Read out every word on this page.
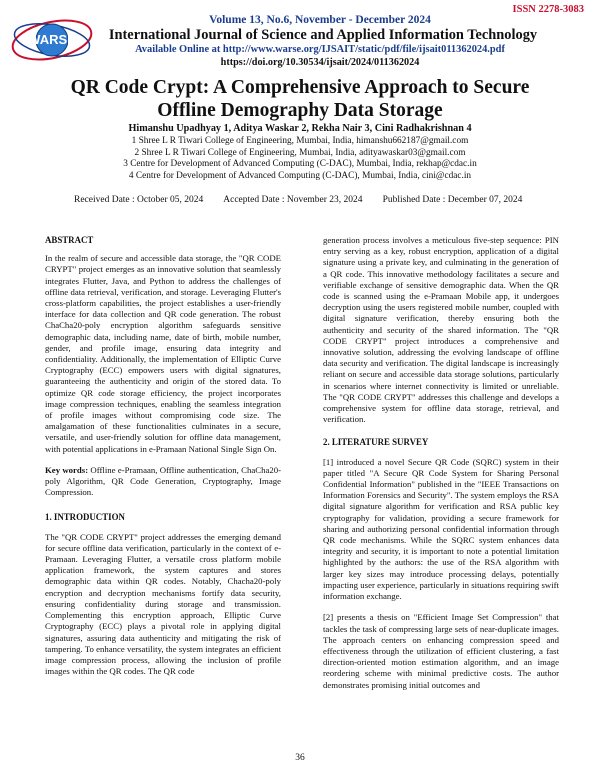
ISSN 2278-3083
WARSE
Volume 13, No.6, November - December 2024
International Journal of Science and Applied Information Technology
Available Online at http://www.warse.org/IJSAIT/static/pdf/file/ijsait011362024.pdf
https://doi.org/10.30534/ijsait/2024/011362024
QR Code Crypt: A Comprehensive Approach to Secure
Offline Demography Data Storage
Himanshu Upadhyay 1, Aditya Waskar 2, Rekha Nair 3, Cini Radhakrishnan 4
1 Shree L R Tiwari College of Engineering, Mumbai, India, himanshu662187@gmail.com
2 Shree L R Tiwari College of Engineering, Mumbai, India, adityawaskar03@gmail.com
3 Centre for Development of Advanced Computing (C-DAC), Mumbai, India, rekhap@cdac.in
4 Centre for Development of Advanced Computing (C-DAC), Mumbai, India, cini@cdac.in
Received Date : October 05, 2024 Accepted Date : November 23, 2024 Published Date : December 07, 2024
ABSTRACT

In the realm of secure and accessible data storage, the "QR CODE CRYPT" project emerges as an innovative solution that seamlessly integrates Flutter, Java, and Python to address the challenges of offline data retrieval, verification, and storage. Leveraging Flutter's cross-platform capabilities, the project establishes a user-friendly interface for data collection and QR code generation. The robust ChaCha20-poly encryption algorithm safeguards sensitive demographic data, including name, date of birth, mobile number, gender, and profile image, ensuring data integrity and confidentiality. Additionally, the implementation of Elliptic Curve Cryptography (ECC) empowers users with digital signatures, guaranteeing the authenticity and origin of the stored data. To optimize QR code storage efficiency, the project incorporates image compression techniques, enabling the seamless integration of profile images without compromising code size. The amalgamation of these functionalities culminates in a secure, versatile, and user-friendly solution for offline data management, with potential applications in e-Pramaan National Single Sign On.

Key words: Offline e-Pramaan, Offline authentication, ChaCha20-poly Algorithm, QR Code Generation, Cryptography, Image Compression.

1. INTRODUCTION

The "QR CODE CRYPT" project addresses the emerging demand for secure offline data verification, particularly in the context of e-Pramaan. Leveraging Flutter, a versatile cross platform mobile application framework, the system captures and stores demographic data within QR codes. Notably, Chacha20-poly encryption and decryption mechanisms fortify data security, ensuring confidentiality during storage and transmission. Complementing this encryption approach, Elliptic Curve Cryptography (ECC) plays a pivotal role in applying digital signatures, assuring data authenticity and mitigating the risk of tampering. To enhance versatility, the system integrates an efficient image compression process, allowing the inclusion of profile images within the QR codes. The QR code

generation process involves a meticulous five-step sequence: PIN entry serving as a key, robust encryption, application of a digital signature using a private key, and culminating in the generation of a QR code. This innovative methodology facilitates a secure and verifiable exchange of sensitive demographic data. When the QR code is scanned using the e-Pramaan Mobile app, it undergoes decryption using the users registered mobile number, coupled with digital signature verification, thereby ensuring both the authenticity and security of the shared information. The "QR CODE CRYPT" project introduces a comprehensive and innovative solution, addressing the evolving landscape of offline data security and verification. The digital landscape is increasingly reliant on secure and accessible data storage solutions, particularly in scenarios where internet connectivity is limited or unreliable. The "QR CODE CRYPT" addresses this challenge and develops a comprehensive system for offline data storage, retrieval, and verification.

2. LITERATURE SURVEY

[1] introduced a novel Secure QR Code (SQRC) system in their paper titled "A Secure QR Code System for Sharing Personal Confidential Information" published in the "IEEE Transactions on Information Forensics and Security". The system employs the RSA digital signature algorithm for verification and RSA public key cryptography for validation, providing a secure framework for sharing and authorizing personal confidential information through QR code mechanisms. While the SQRC system enhances data integrity and security, it is important to note a potential limitation highlighted by the authors: the use of the RSA algorithm with larger key sizes may introduce processing delays, potentially impacting user experience, particularly in situations requiring swift information exchange.

[2] presents a thesis on "Efficient Image Set Compression" that tackles the task of compressing large sets of near-duplicate images. The approach centers on enhancing compression speed and effectiveness through the utilization of efficient clustering, a fast direction-oriented motion estimation algorithm, and an image reordering scheme with minimal predictive costs. The author demonstrates promising initial outcomes and

36
